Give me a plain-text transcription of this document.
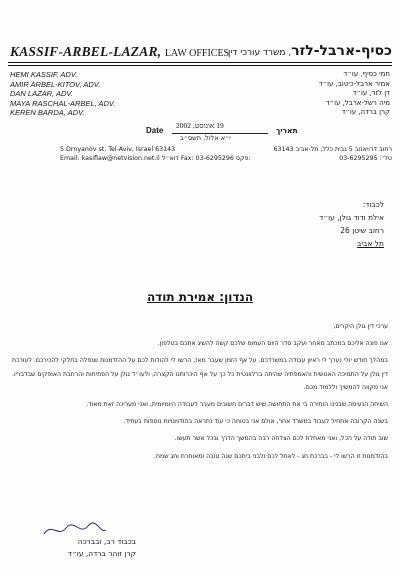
KASSIF-ARBEL-LAZAR, LAW OFFICES	כסיף-ארבל-לזר, משרד עורכי דין
HEMI KASSIF, ADV.
AMIR ARBEL-KITOV, ADV.
DAN LAZAR, ADV.
MAYA RASCHAL-ARBEL, ADV.
KEREN BARDA, ADV.
חמי כסיף, עו״ד
אמיר ארבל-כיטוב, עו״ד
דן לזר, עו״ד
מיה רשל-ארבל, עו״ד
קרן ברדה, עו״ד
Date
19 אוגוסט, 2002
י״א אלול, תשס״ב
תאריך
5 Drnyanov st. Tel-Aviv, Israel 63143	רחוב דרויאנוב 5 גבית כלל, תל-אביב 63143
Email: kasiflaw@netvision.net.il דוא״ל Fax: 03-6295296 פקס:	טל׳: 03-6295295
לכבוד:
אילת ודוד גולן, עו״ד
רחוב שיטן 26
תל אביב
הנדון: אמירת תודה

ערכי דין גולן היקרים,

אנו פונה אליכם במכתב מאחר ועקב סדר היום העמוס שלכם קשה להשיג אתכם בטלפון.

במהלך חודש יולי נערך לי ראיון עבודה במשרדכם. על אף הזמן שעבר מאז, הרשו לי להודות לכם על ההזדמנות שנפלה בחלקי להכירכם. לעורכת דין גולן על התמיכה האנושית והאמפתיה שהיתה ברלוונטית כל כך על אף היכרותנו הקצרה, ולעו״ד גולן על הפתיחות והרחבת האופקים שבדבריו. אני מקווה להמשיך וללמוד מכם.

השיחה הנעימה שבנינו הותירה בי את התחושה שיש דברים חשובים מעבר לעבודה היומיומית, ואני מעריכה זאת מאוד.

בשנה הקרובה אתחיל לעבוד במשרד אחר, אולם אני בטוחה כי עוד נתראה בהזדמנויות נוספות בעתיד.

שוב תודה על הכל, ואני מאחלת לכם הצלחה רבה בהמשך הדרך ובכל אשר תעשו.

בהזדמנות זו הרשו לי - בברכת חג - לאחל לכם ולבני ביתכם שנה טובה ומאוחרת וחג שמח.

בכבוד רב, ובברכה
קרן זוהר ברדה, עו״ד
